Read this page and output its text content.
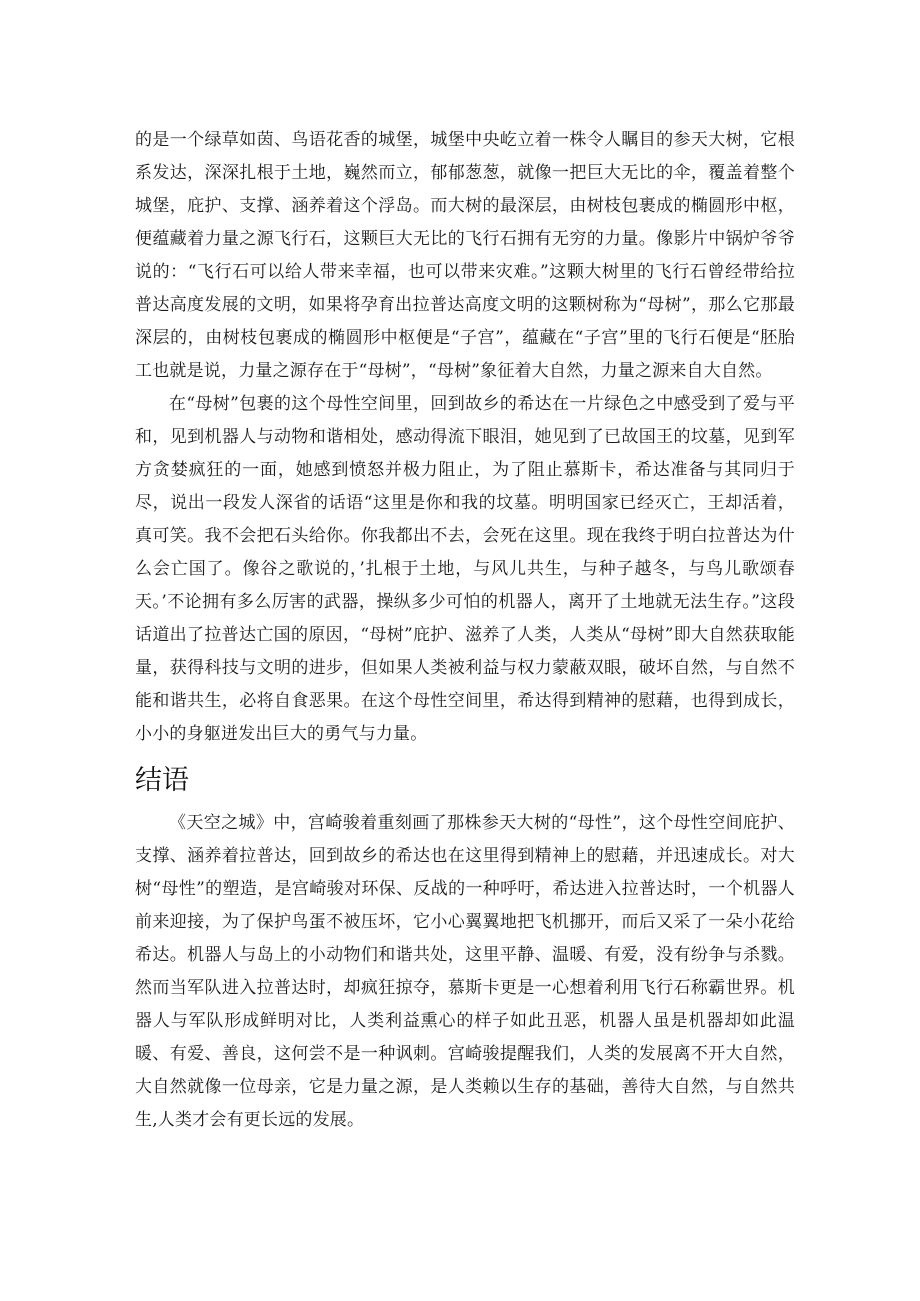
的是一个绿草如茵、鸟语花香的城堡，城堡中央屹立着一株令人瞩目的参天大树，它根系发达，深深扎根于土地，巍然而立，郁郁葱葱，就像一把巨大无比的伞，覆盖着整个城堡，庇护、支撑、涵养着这个浮岛。而大树的最深层，由树枝包裹成的椭圆形中枢，便蕴藏着力量之源飞行石，这颗巨大无比的飞行石拥有无穷的力量。像影片中锅炉爷爷说的：“飞行石可以给人带来幸福，也可以带来灾难。”这颗大树里的飞行石曾经带给拉普达高度发展的文明，如果将孕育出拉普达高度文明的这颗树称为“母树”，那么它那最深层的，由树枝包裹成的椭圆形中枢便是“子宫”，蕴藏在“子宫”里的飞行石便是“胚胎工也就是说，力量之源存在于“母树”，“母树”象征着大自然，力量之源来自大自然。

在“母树”包裹的这个母性空间里，回到故乡的希达在一片绿色之中感受到了爱与平和，见到机器人与动物和谐相处，感动得流下眼泪，她见到了已故国王的坟墓，见到军方贪婪疯狂的一面，她感到愤怒并极力阻止，为了阻止慕斯卡，希达准备与其同归于尽，说出一段发人深省的话语“这里是你和我的坟墓。明明国家已经灭亡，王却活着，真可笑。我不会把石头给你。你我都出不去，会死在这里。现在我终于明白拉普达为什么会亡国了。像谷之歌说的，’扎根于土地，与风儿共生，与种子越冬，与鸟儿歌颂春天。’不论拥有多么厉害的武器，操纵多少可怕的机器人，离开了土地就无法生存。”这段话道出了拉普达亡国的原因，“母树”庇护、滋养了人类，人类从“母树”即大自然获取能量，获得科技与文明的进步，但如果人类被利益与权力蒙蔽双眼，破坏自然，与自然不能和谐共生，必将自食恶果。在这个母性空间里，希达得到精神的慰藉，也得到成长，小小的身躯迸发出巨大的勇气与力量。

结语

《天空之城》中，宫崎骏着重刻画了那株参天大树的“母性”，这个母性空间庇护、支撑、涵养着拉普达，回到故乡的希达也在这里得到精神上的慰藉，并迅速成长。对大树“母性”的塑造，是宫崎骏对环保、反战的一种呼吁，希达进入拉普达时，一个机器人前来迎接，为了保护鸟蛋不被压坏，它小心翼翼地把飞机挪开，而后又采了一朵小花给希达。机器人与岛上的小动物们和谐共处，这里平静、温暖、有爱，没有纷争与杀戮。然而当军队进入拉普达时，却疯狂掠夺，慕斯卡更是一心想着利用飞行石称霸世界。机器人与军队形成鲜明对比，人类利益熏心的样子如此丑恶，机器人虽是机器却如此温暖、有爱、善良，这何尝不是一种讽刺。宫崎骏提醒我们，人类的发展离不开大自然，大自然就像一位母亲，它是力量之源，是人类赖以生存的基础，善待大自然，与自然共生,人类才会有更长远的发展。
